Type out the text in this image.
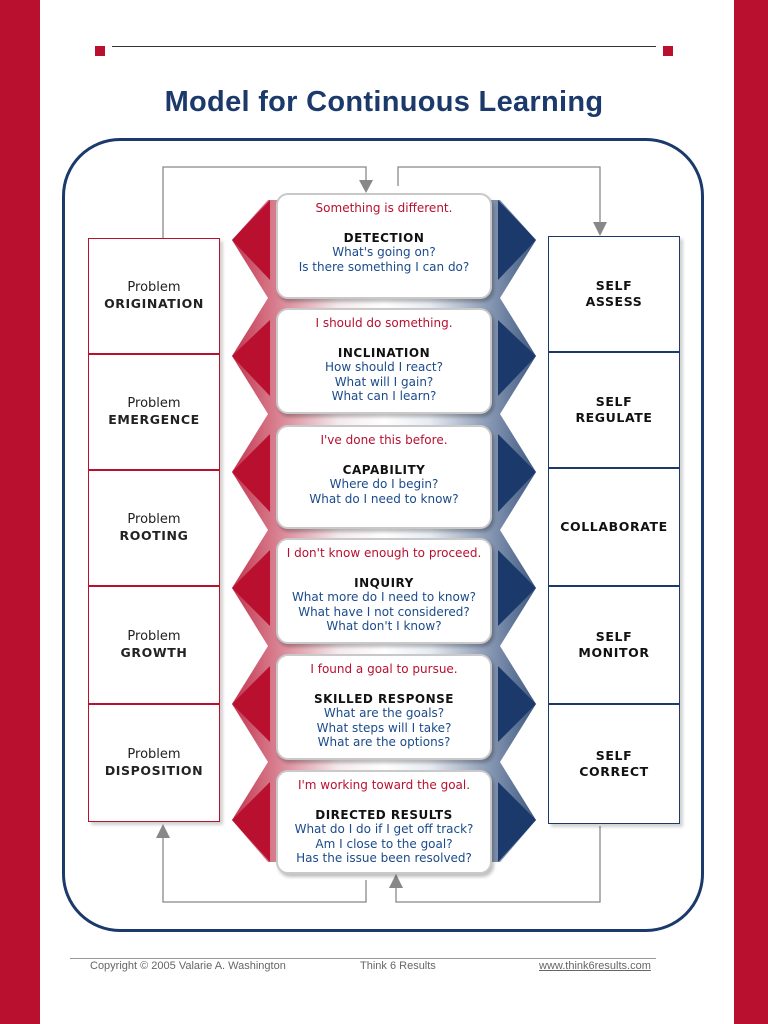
Model for Continuous Learning
Problem
ORIGINATION
Problem
EMERGENCE
Problem
ROOTING
Problem
GROWTH
Problem
DISPOSITION
SELF
ASSESS
SELF
REGULATE
COLLABORATE
SELF
MONITOR
SELF
CORRECT
Something is different.
DETECTION
What's going on?
Is there something I can do?
I should do something.
INCLINATION
How should I react?
What will I gain?
What can I learn?
I've done this before.
CAPABILITY
Where do I begin?
What do I need to know?
I don't know enough to proceed.
INQUIRY
What more do I need to know?
What have I not considered?
What don't I know?
I found a goal to pursue.
SKILLED RESPONSE
What are the goals?
What steps will I take?
What are the options?
I'm working toward the goal.
DIRECTED RESULTS
What do I do if I get off track?
Am I close to the goal?
Has the issue been resolved?
Copyright © 2005 Valarie A. Washington	Think 6 Results	www.think6results.com
